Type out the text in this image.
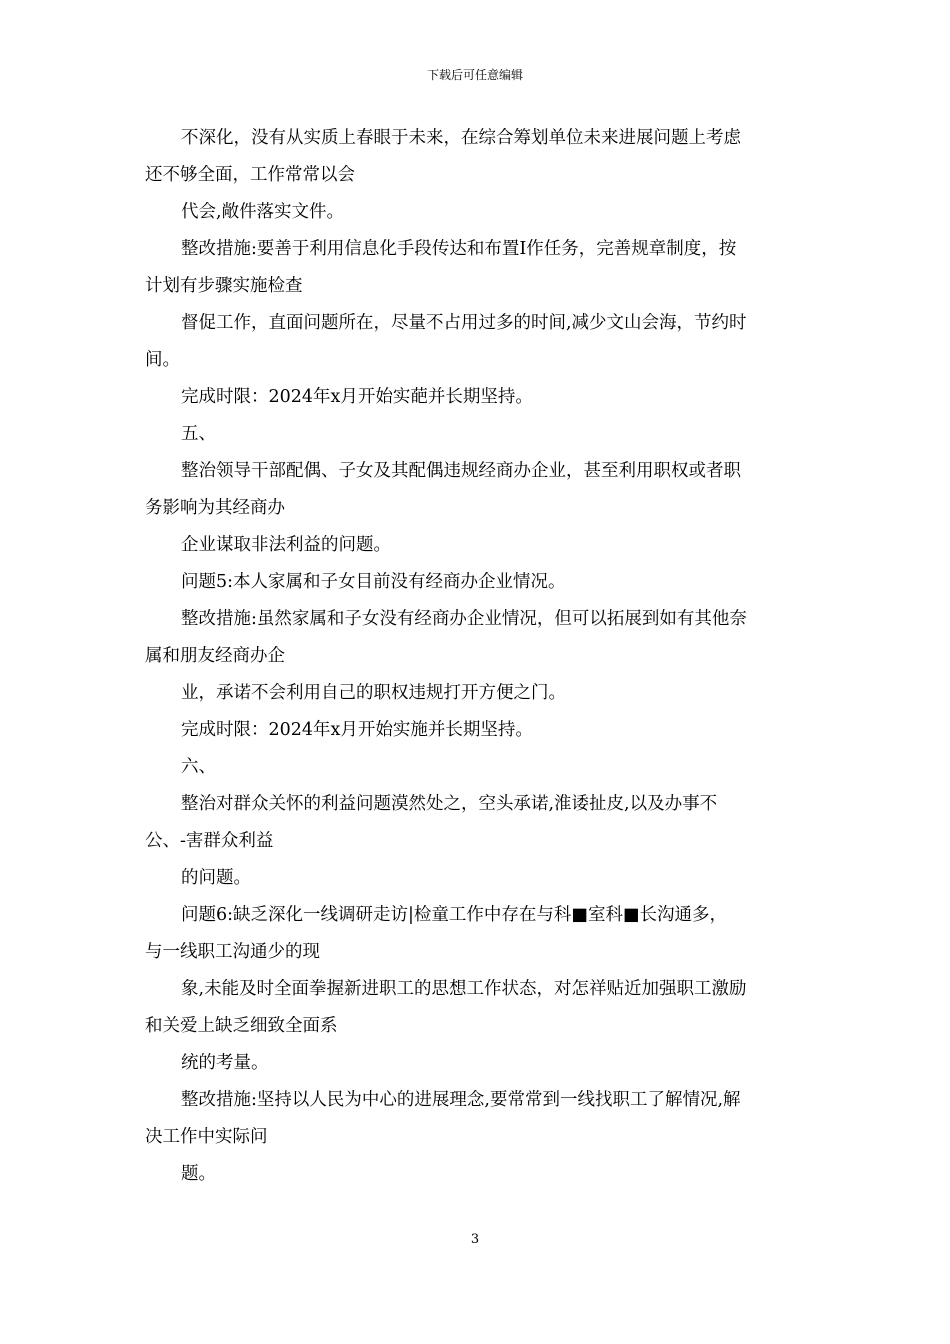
下载后可任意编辑

不深化，没有从实质上春眼于未来，在综合筹划单位未来进展问题上考虑

还不够全面，工作常常以会

代会,敞件落实文件。

整改措施:要善于利用信息化手段传达和布置I作任务，完善规章制度，按

计划有步骤实施检查

督促工作，直面问题所在，尽量不占用过多的时间,减少文山会海，节约时

间。

完成时限：2024年x月开始实葩并长期坚持。

五、

整治领导干部配偶、子女及其配偶违规经商办企业，甚至利用职权或者职

务影响为其经商办

企业谋取非法利益的问题。

问题5:本人家属和子女目前没有经商办企业情况。

整改措施:虽然家属和子女没有经商办企业情况，但可以拓展到如有其他奈

属和朋友经商办企

业，承诺不会利用自己的职权违规打开方便之门。

完成时限：2024年x月开始实施并长期坚持。

六、

整治对群众关怀的利益问题漠然处之，空头承诺,淮诿扯皮,以及办事不

公、-害群众利益

的问题。

问题6:缺乏深化一线调研走访|检童工作中存在与科■室科■长沟通多，

与一线职工沟通少的现

象,未能及时全面拳握新进职工的思想工作状态，对怎祥贴近加强职工激励

和关爱上缺乏细致全面系

统的考量。

整改措施:坚持以人民为中心的进展理念,要常常到一线找职工了解情况,解

决工作中实际问

题。

3
